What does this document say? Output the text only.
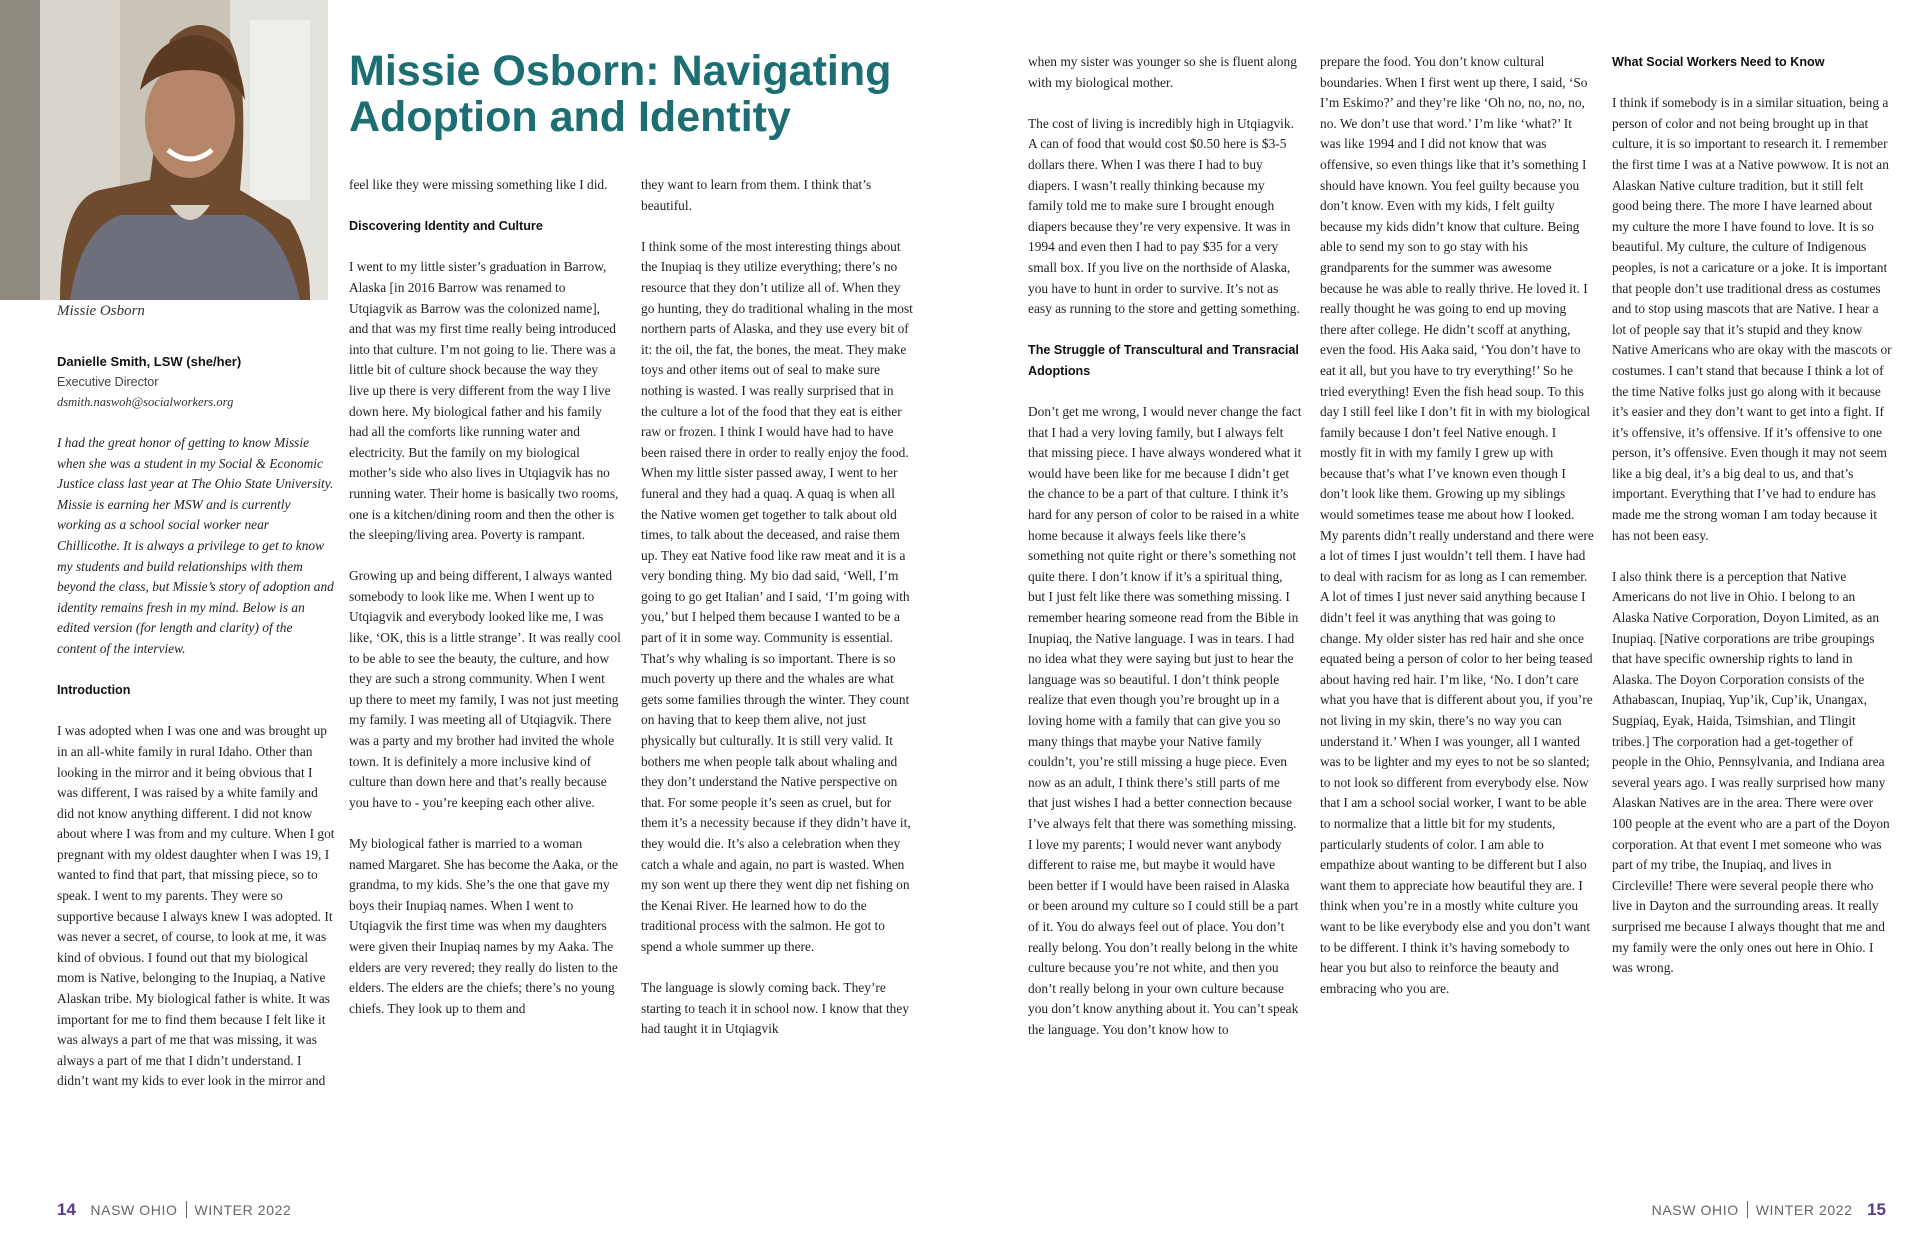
Missie Osborn
Danielle Smith, LSW (she/her)
Executive Director
dsmith.naswoh@socialworkers.org
Missie Osborn: Navigating Adoption and Identity

I had the great honor of getting to know Missie when she was a student in my Social & Economic Justice class last year at The Ohio State University. Missie is earning her MSW and is currently working as a school social worker near Chillicothe. It is always a privilege to get to know my students and build relationships with them beyond the class, but Missie’s story of adoption and identity remains fresh in my mind. Below is an edited version (for length and clarity) of the content of the interview.

Introduction

I was adopted when I was one and was brought up in an all-white family in rural Idaho. Other than looking in the mirror and it being obvious that I was different, I was raised by a white family and did not know anything different. I did not know about where I was from and my culture. When I got pregnant with my oldest daughter when I was 19, I wanted to find that part, that missing piece, so to speak. I went to my parents. They were so supportive because I always knew I was adopted. It was never a secret, of course, to look at me, it was kind of obvious. I found out that my biological mom is Native, belonging to the Inupiaq, a Native Alaskan tribe. My biological father is white. It was important for me to find them because I felt like it was always a part of me that was missing, it was always a part of me that I didn’t understand. I didn’t want my kids to ever look in the mirror and

feel like they were missing something like I did.

Discovering Identity and Culture

I went to my little sister’s graduation in Barrow, Alaska [in 2016 Barrow was renamed to Utqiagvik as Barrow was the colonized name], and that was my first time really being introduced into that culture. I’m not going to lie. There was a little bit of culture shock because the way they live up there is very different from the way I live down here. My biological father and his family had all the comforts like running water and electricity. But the family on my biological mother’s side who also lives in Utqiagvik has no running water. Their home is basically two rooms, one is a kitchen/dining room and then the other is the sleeping/living area. Poverty is rampant.

Growing up and being different, I always wanted somebody to look like me. When I went up to Utqiagvik and everybody looked like me, I was like, ‘OK, this is a little strange’. It was really cool to be able to see the beauty, the culture, and how they are such a strong community. When I went up there to meet my family, I was not just meeting my family. I was meeting all of Utqiagvik. There was a party and my brother had invited the whole town. It is definitely a more inclusive kind of culture than down here and that’s really because you have to - you’re keeping each other alive.

My biological father is married to a woman named Margaret. She has become the Aaka, or the grandma, to my kids. She’s the one that gave my boys their Inupiaq names. When I went to Utqiagvik the first time was when my daughters were given their Inupiaq names by my Aaka. The elders are very revered; they really do listen to the elders. The elders are the chiefs; there’s no young chiefs. They look up to them and

they want to learn from them. I think that’s beautiful.

I think some of the most interesting things about the Inupiaq is they utilize everything; there’s no resource that they don’t utilize all of. When they go hunting, they do traditional whaling in the most northern parts of Alaska, and they use every bit of it: the oil, the fat, the bones, the meat. They make toys and other items out of seal to make sure nothing is wasted. I was really surprised that in the culture a lot of the food that they eat is either raw or frozen. I think I would have had to have been raised there in order to really enjoy the food. When my little sister passed away, I went to her funeral and they had a quaq. A quaq is when all the Native women get together to talk about old times, to talk about the deceased, and raise them up. They eat Native food like raw meat and it is a very bonding thing. My bio dad said, ‘Well, I’m going to go get Italian’ and I said, ‘I’m going with you,’ but I helped them because I wanted to be a part of it in some way. Community is essential. That’s why whaling is so important. There is so much poverty up there and the whales are what gets some families through the winter. They count on having that to keep them alive, not just physically but culturally. It is still very valid. It bothers me when people talk about whaling and they don’t understand the Native perspective on that. For some people it’s seen as cruel, but for them it’s a necessity because if they didn’t have it, they would die. It’s also a celebration when they catch a whale and again, no part is wasted. When my son went up there they went dip net fishing on the Kenai River. He learned how to do the traditional process with the salmon. He got to spend a whole summer up there.

The language is slowly coming back. They’re starting to teach it in school now. I know that they had taught it in Utqiagvik

when my sister was younger so she is fluent along with my biological mother.

The cost of living is incredibly high in Utqiagvik. A can of food that would cost $0.50 here is $3-5 dollars there. When I was there I had to buy diapers. I wasn’t really thinking because my family told me to make sure I brought enough diapers because they’re very expensive. It was in 1994 and even then I had to pay $35 for a very small box. If you live on the northside of Alaska, you have to hunt in order to survive. It’s not as easy as running to the store and getting something.

The Struggle of Transcultural and Transracial Adoptions

Don’t get me wrong, I would never change the fact that I had a very loving family, but I always felt that missing piece. I have always wondered what it would have been like for me because I didn’t get the chance to be a part of that culture. I think it’s hard for any person of color to be raised in a white home because it always feels like there’s something not quite right or there’s something not quite there. I don’t know if it’s a spiritual thing, but I just felt like there was something missing. I remember hearing someone read from the Bible in Inupiaq, the Native language. I was in tears. I had no idea what they were saying but just to hear the language was so beautiful. I don’t think people realize that even though you’re brought up in a loving home with a family that can give you so many things that maybe your Native family couldn’t, you’re still missing a huge piece. Even now as an adult, I think there’s still parts of me that just wishes I had a better connection because I’ve always felt that there was something missing. I love my parents; I would never want anybody different to raise me, but maybe it would have been better if I would have been raised in Alaska or been around my culture so I could still be a part of it. You do always feel out of place. You don’t really belong. You don’t really belong in the white culture because you’re not white, and then you don’t really belong in your own culture because you don’t know anything about it. You can’t speak the language. You don’t know how to

prepare the food. You don’t know cultural boundaries. When I first went up there, I said, ‘So I’m Eskimo?’ and they’re like ‘Oh no, no, no, no, no. We don’t use that word.’ I’m like ‘what?’ It was like 1994 and I did not know that was offensive, so even things like that it’s something I should have known. You feel guilty because you don’t know. Even with my kids, I felt guilty because my kids didn’t know that culture. Being able to send my son to go stay with his grandparents for the summer was awesome because he was able to really thrive. He loved it. I really thought he was going to end up moving there after college. He didn’t scoff at anything, even the food. His Aaka said, ‘You don’t have to eat it all, but you have to try everything!’ So he tried everything! Even the fish head soup. To this day I still feel like I don’t fit in with my biological family because I don’t feel Native enough. I mostly fit in with my family I grew up with because that’s what I’ve known even though I don’t look like them. Growing up my siblings would sometimes tease me about how I looked. My parents didn’t really understand and there were a lot of times I just wouldn’t tell them. I have had to deal with racism for as long as I can remember. A lot of times I just never said anything because I didn’t feel it was anything that was going to change. My older sister has red hair and she once equated being a person of color to her being teased about having red hair. I’m like, ‘No. I don’t care what you have that is different about you, if you’re not living in my skin, there’s no way you can understand it.’ When I was younger, all I wanted was to be lighter and my eyes to not be so slanted; to not look so different from everybody else. Now that I am a school social worker, I want to be able to normalize that a little bit for my students, particularly students of color. I am able to empathize about wanting to be different but I also want them to appreciate how beautiful they are. I think when you’re in a mostly white culture you want to be like everybody else and you don’t want to be different. I think it’s having somebody to hear you but also to reinforce the beauty and embracing who you are.

What Social Workers Need to Know

I think if somebody is in a similar situation, being a person of color and not being brought up in that culture, it is so important to research it. I remember the first time I was at a Native powwow. It is not an Alaskan Native culture tradition, but it still felt good being there. The more I have learned about my culture the more I have found to love. It is so beautiful. My culture, the culture of Indigenous peoples, is not a caricature or a joke. It is important that people don’t use traditional dress as costumes and to stop using mascots that are Native. I hear a lot of people say that it’s stupid and they know Native Americans who are okay with the mascots or costumes. I can’t stand that because I think a lot of the time Native folks just go along with it because it’s easier and they don’t want to get into a fight. If it’s offensive, it’s offensive. If it’s offensive to one person, it’s offensive. Even though it may not seem like a big deal, it’s a big deal to us, and that’s important. Everything that I’ve had to endure has made me the strong woman I am today because it has not been easy.

I also think there is a perception that Native Americans do not live in Ohio. I belong to an Alaska Native Corporation, Doyon Limited, as an Inupiaq. [Native corporations are tribe groupings that have specific ownership rights to land in Alaska. The Doyon Corporation consists of the Athabascan, Inupiaq, Yup’ik, Cup’ik, Unangax, Sugpiaq, Eyak, Haida, Tsimshian, and Tlingit tribes.] The corporation had a get-together of people in the Ohio, Pennsylvania, and Indiana area several years ago. I was really surprised how many Alaskan Natives are in the area. There were over 100 people at the event who are a part of the Doyon corporation. At that event I met someone who was part of my tribe, the Inupiaq, and lives in Circleville! There were several people there who live in Dayton and the surrounding areas. It really surprised me because I always thought that me and my family were the only ones out here in Ohio. I was wrong.

14 NASW OHIO WINTER 2022	NASW OHIO WINTER 2022 15
